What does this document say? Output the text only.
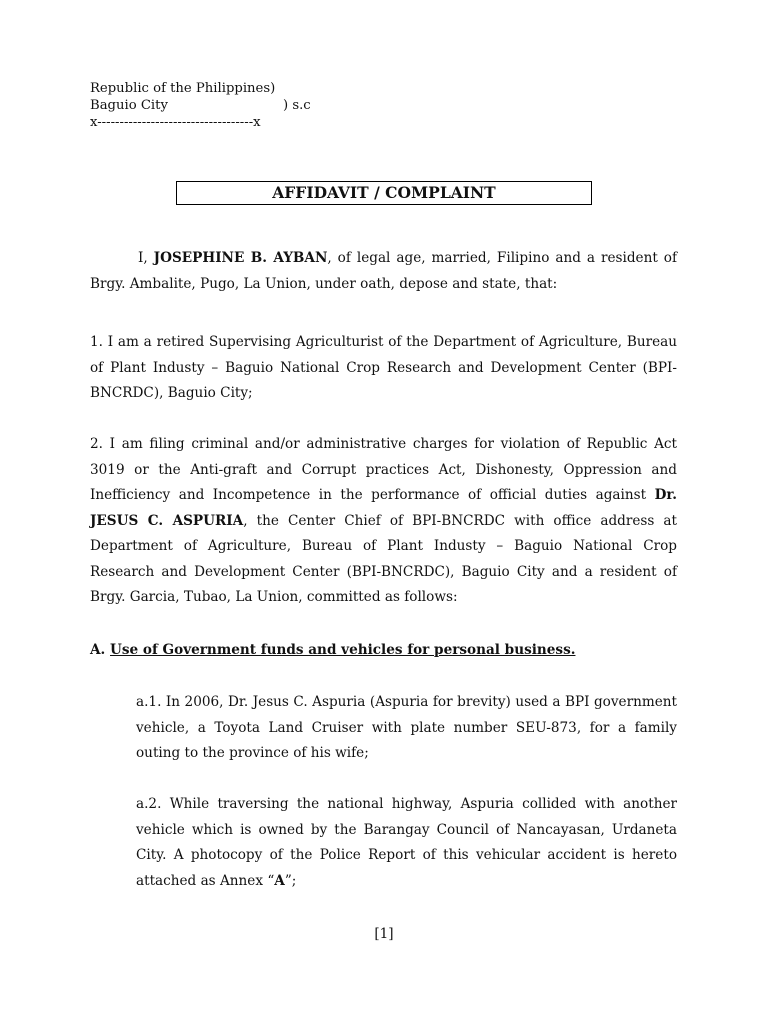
Republic of the Philippines)
Baguio City	) s.c
x-----------------------------------x
AFFIDAVIT / COMPLAINT

I, JOSEPHINE B. AYBAN, of legal age, married, Filipino and a resident of Brgy. Ambalite, Pugo, La Union, under oath, depose and state, that:

1. I am a retired Supervising Agriculturist of the Department of Agriculture, Bureau of Plant Industy – Baguio National Crop Research and Development Center (BPI-BNCRDC), Baguio City;

2. I am filing criminal and/or administrative charges for violation of Republic Act 3019 or the Anti-graft and Corrupt practices Act, Dishonesty, Oppression and Inefficiency and Incompetence in the performance of official duties against Dr. JESUS C. ASPURIA, the Center Chief of BPI-BNCRDC with office address at Department of Agriculture, Bureau of Plant Industy – Baguio National Crop Research and Development Center (BPI-BNCRDC), Baguio City and a resident of Brgy. Garcia, Tubao, La Union, committed as follows:

A. Use of Government funds and vehicles for personal business.

a.1. In 2006, Dr. Jesus C. Aspuria (Aspuria for brevity) used a BPI government vehicle, a Toyota Land Cruiser with plate number SEU-873, for a family outing to the province of his wife;

a.2. While traversing the national highway, Aspuria collided with another vehicle which is owned by the Barangay Council of Nancayasan, Urdaneta City. A photocopy of the Police Report of this vehicular accident is hereto attached as Annex “A”;

[1]
